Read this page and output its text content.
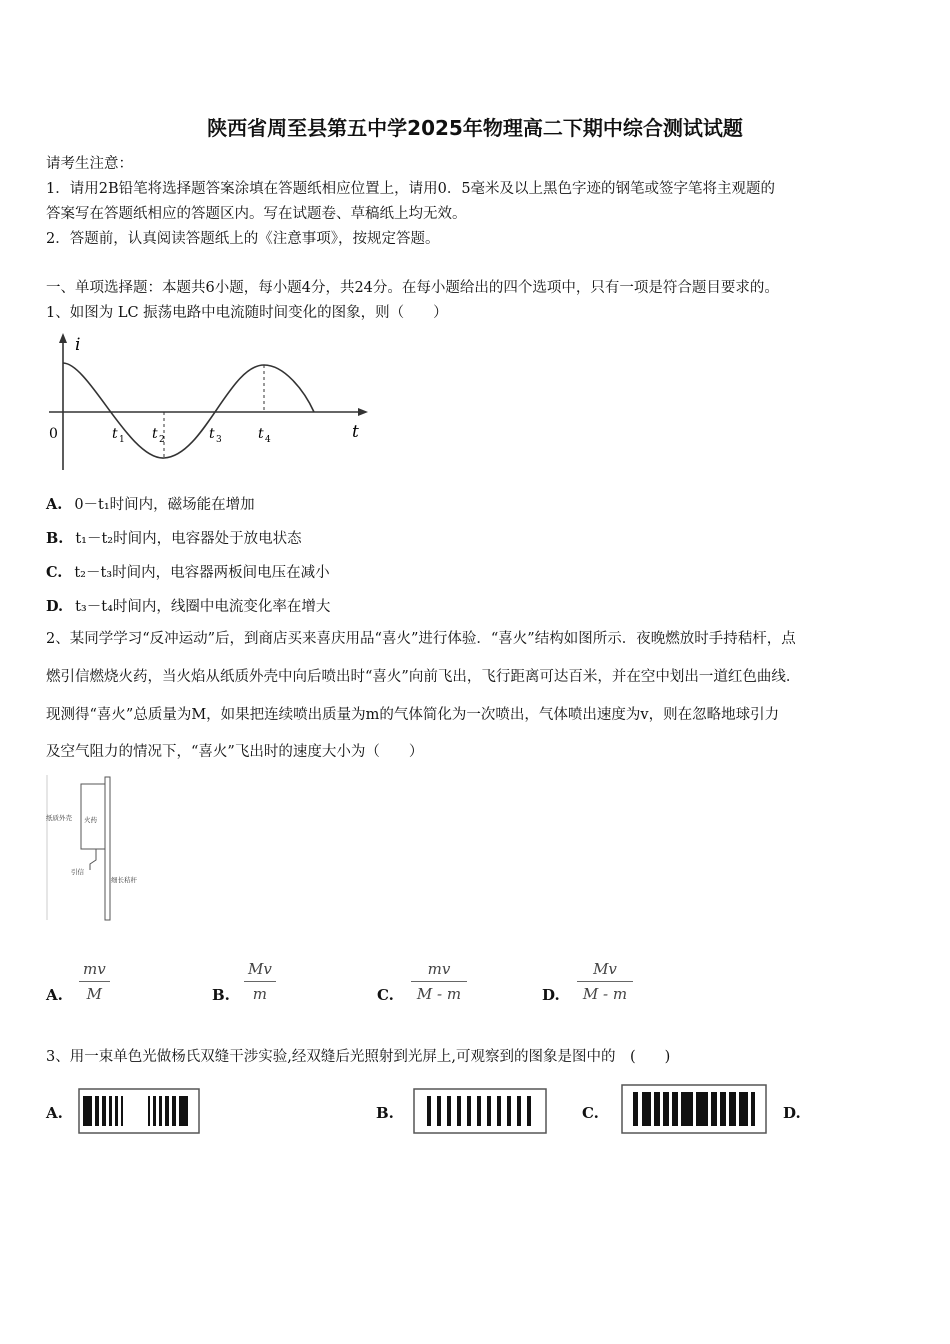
陕西省周至县第五中学2025年物理高二下期中综合测试试题
请考生注意：
1．请用2B铅笔将选择题答案涂填在答题纸相应位置上，请用0．5毫米及以上黑色字迹的钢笔或签字笔将主观题的
答案写在答题纸相应的答题区内。写在试题卷、草稿纸上均无效。
2．答题前，认真阅读答题纸上的《注意事项》，按规定答题。
一、单项选择题：本题共6小题，每小题4分，共24分。在每小题给出的四个选项中，只有一项是符合题目要求的。
1、如图为 LC 振荡电路中电流随时间变化的图象，则（　　）
i
t
0	t 1 t 2	t 3	t 4
A. 0－t₁时间内，磁场能在增加
B. t₁－t₂时间内，电容器处于放电状态
C. t₂－t₃时间内，电容器两板间电压在减小
D. t₃－t₄时间内，线圈中电流变化率在增大
2、某同学学习“反冲运动”后，到商店买来喜庆用品“喜火”进行体验．“喜火”结构如图所示．夜晚燃放时手持秸杆，点
燃引信燃烧火药，当火焰从纸质外壳中向后喷出时“喜火”向前飞出，飞行距离可达百米，并在空中划出一道红色曲线．
现测得“喜火”总质量为M，如果把连续喷出质量为m的气体简化为一次喷出，气体喷出速度为v，则在忽略地球引力
及空气阻力的情况下，“喜火”飞出时的速度大小为（　　）
纸质外壳 火药
引信
细长秸秆
A. $\frac{mv}{M}$	B. $\frac{Mv}{m}$	C. $\frac{mv}{M - m}$	D. $\frac{Mv}{M - m}$
3、用一束单色光做杨氏双缝干涉实验,经双缝后光照射到光屏上,可观察到的图象是图中的　(　　)
A.	B.	C.	D.
